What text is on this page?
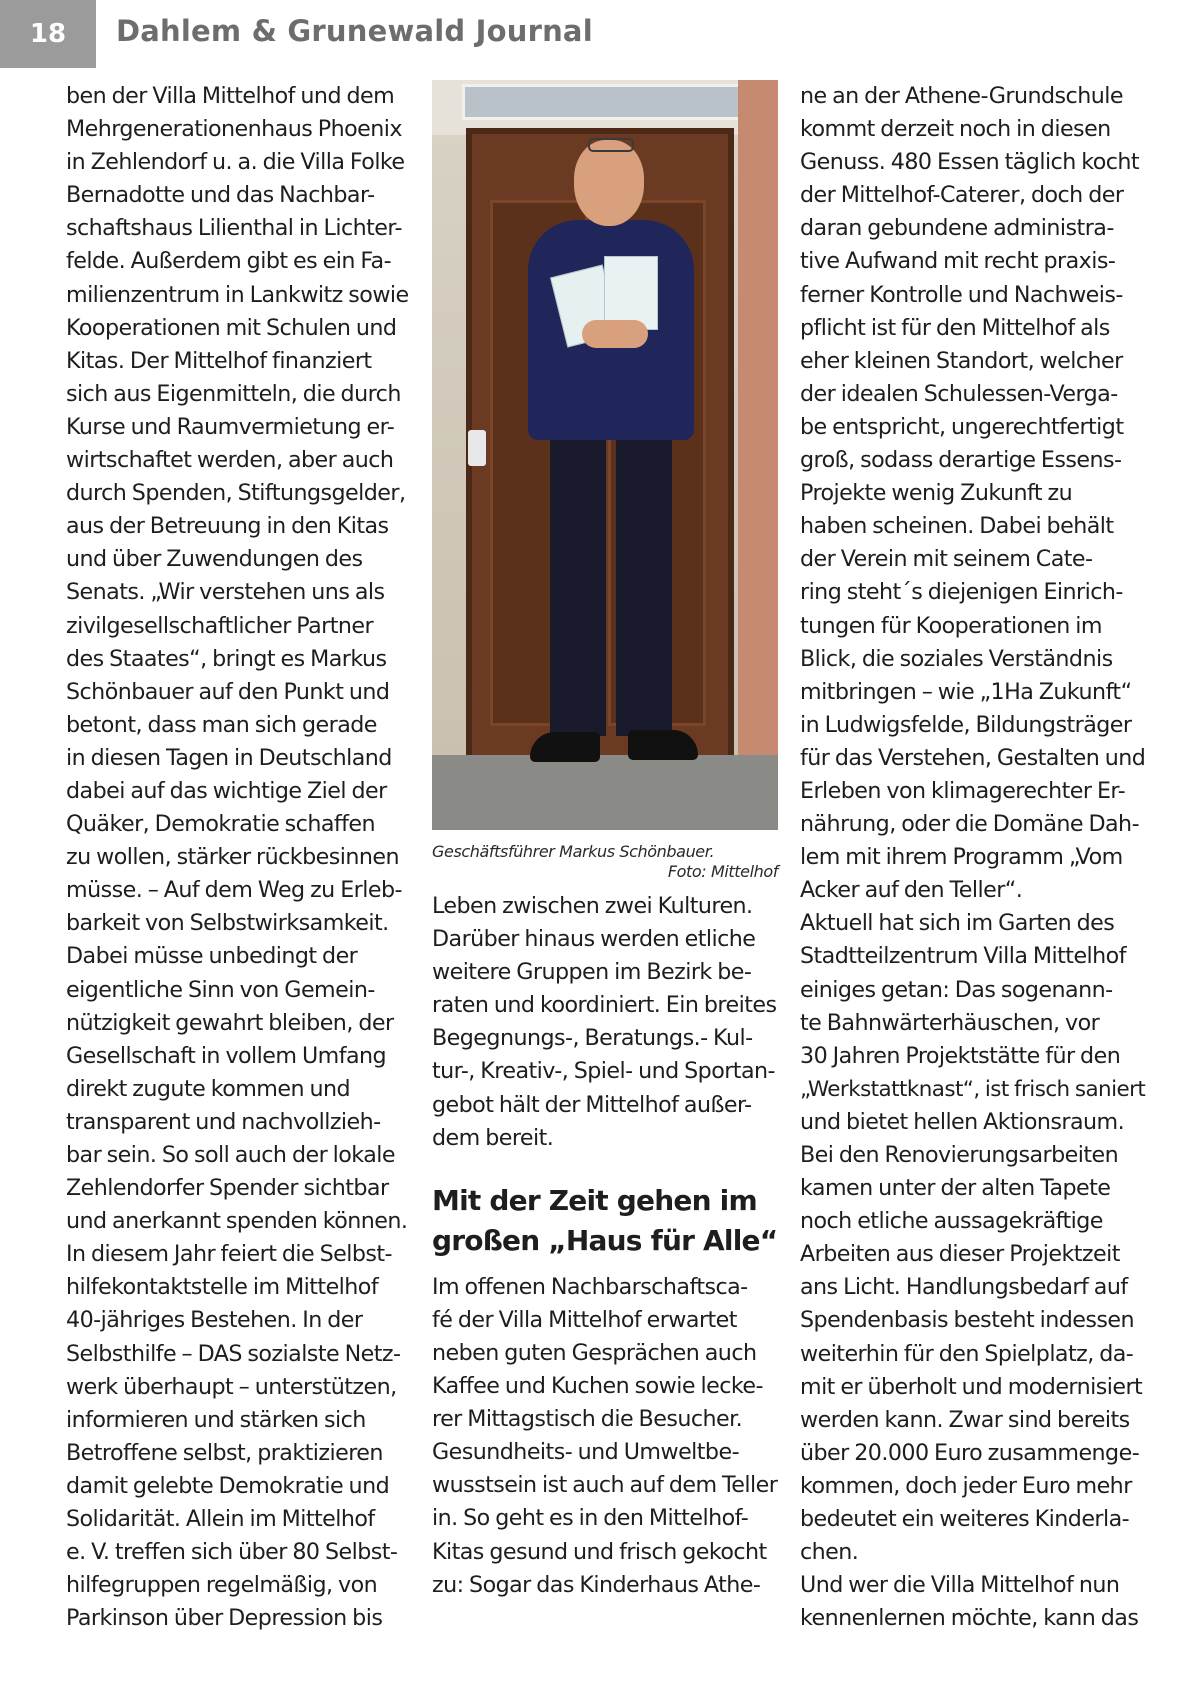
18	Dahlem & Grunewald Journal
ben der Villa Mittelhof und dem
Mehrgenerationenhaus Phoenix
in Zehlendorf u. a. die Villa Folke
Bernadotte und das Nachbar-
schaftshaus Lilienthal in Lichter-
felde. Außerdem gibt es ein Fa-
milienzentrum in Lankwitz sowie
Kooperationen mit Schulen und
Kitas. Der Mittelhof finanziert
sich aus Eigenmitteln, die durch
Kurse und Raumvermietung er-
wirtschaftet werden, aber auch
durch Spenden, Stiftungsgelder,
aus der Betreuung in den Kitas
und über Zuwendungen des
Senats. „Wir verstehen uns als
zivilgesellschaftlicher Partner
des Staates“, bringt es Markus
Schönbauer auf den Punkt und
betont, dass man sich gerade
in diesen Tagen in Deutschland
dabei auf das wichtige Ziel der
Quäker, Demokratie schaffen
zu wollen, stärker rückbesinnen
müsse. – Auf dem Weg zu Erleb-
barkeit von Selbstwirksamkeit.
Dabei müsse unbedingt der
eigentliche Sinn von Gemein-
nützigkeit gewahrt bleiben, der
Gesellschaft in vollem Umfang
direkt zugute kommen und
transparent und nachvollzieh-
bar sein. So soll auch der lokale
Zehlendorfer Spender sichtbar
und anerkannt spenden können.
In diesem Jahr feiert die Selbst-
hilfekontaktstelle im Mittelhof
40-jähriges Bestehen. In der
Selbsthilfe – DAS sozialste Netz-
werk überhaupt – unterstützen,
informieren und stärken sich
Betroffene selbst, praktizieren
damit gelebte Demokratie und
Solidarität. Allein im Mittelhof
e. V. treffen sich über 80 Selbst-
hilfegruppen regelmäßig, von
Parkinson über Depression bis
Geschäftsführer Markus Schönbauer.
Foto: Mittelhof
Leben zwischen zwei Kulturen.
Darüber hinaus werden etliche
weitere Gruppen im Bezirk be-
raten und koordiniert. Ein breites
Begegnungs-, Beratungs.- Kul-
tur-, Kreativ-, Spiel- und Sportan-
gebot hält der Mittelhof außer-
dem bereit.
Mit der Zeit gehen im
großen „Haus für Alle“
Im offenen Nachbarschaftsca-
fé der Villa Mittelhof erwartet
neben guten Gesprächen auch
Kaffee und Kuchen sowie lecke-
rer Mittagstisch die Besucher.
Gesundheits- und Umweltbe-
wusstsein ist auch auf dem Teller
in. So geht es in den Mittelhof-
Kitas gesund und frisch gekocht
zu: Sogar das Kinderhaus Athe-
ne an der Athene-Grundschule
kommt derzeit noch in diesen
Genuss. 480 Essen täglich kocht
der Mittelhof-Caterer, doch der
daran gebundene administra-
tive Aufwand mit recht praxis-
ferner Kontrolle und Nachweis-
pflicht ist für den Mittelhof als
eher kleinen Standort, welcher
der idealen Schulessen-Verga-
be entspricht, ungerechtfertigt
groß, sodass derartige Essens-
Projekte wenig Zukunft zu
haben scheinen. Dabei behält
der Verein mit seinem Cate-
ring steht´s diejenigen Einrich-
tungen für Kooperationen im
Blick, die soziales Verständnis
mitbringen – wie „1Ha Zukunft“
in Ludwigsfelde, Bildungsträger
für das Verstehen, Gestalten und
Erleben von klimagerechter Er-
nährung, oder die Domäne Dah-
lem mit ihrem Programm „Vom
Acker auf den Teller“.
Aktuell hat sich im Garten des
Stadtteilzentrum Villa Mittelhof
einiges getan: Das sogenann-
te Bahnwärterhäuschen, vor
30 Jahren Projektstätte für den
„Werkstattknast“, ist frisch saniert
und bietet hellen Aktionsraum.
Bei den Renovierungsarbeiten
kamen unter der alten Tapete
noch etliche aussagekräftige
Arbeiten aus dieser Projektzeit
ans Licht. Handlungsbedarf auf
Spendenbasis besteht indessen
weiterhin für den Spielplatz, da-
mit er überholt und modernisiert
werden kann. Zwar sind bereits
über 20.000 Euro zusammenge-
kommen, doch jeder Euro mehr
bedeutet ein weiteres Kinderla-
chen.
Und wer die Villa Mittelhof nun
kennenlernen möchte, kann das
